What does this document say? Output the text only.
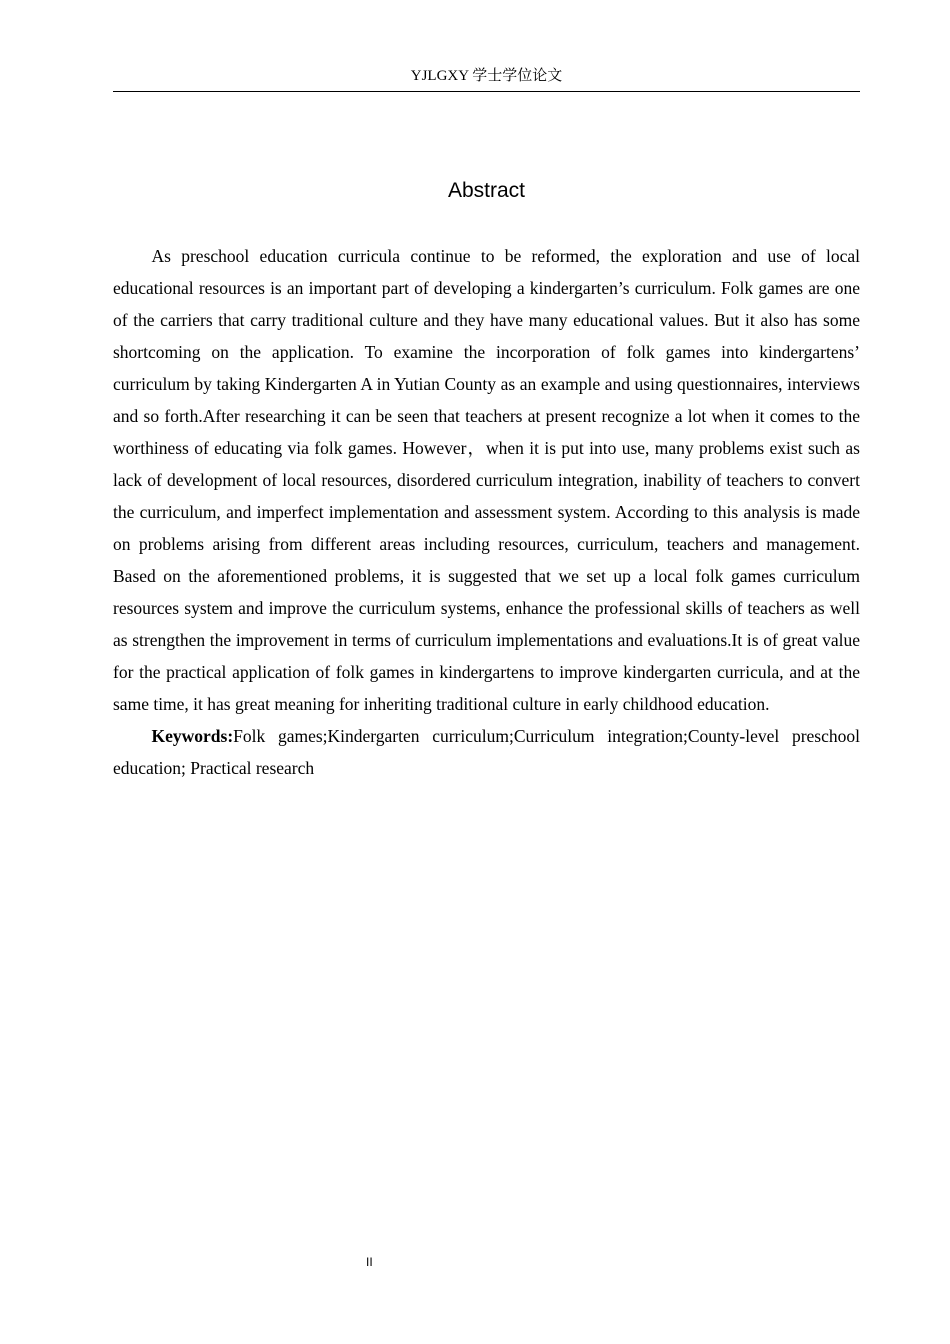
YJLGXY 学士学位论文
Abstract

As preschool education curricula continue to be reformed, the exploration and use of local educational resources is an important part of developing a kindergarten’s curriculum. Folk games are one of the carriers that carry traditional culture and they have many educational values. But it also has some shortcoming on the application. To examine the incorporation of folk games into kindergartens’ curriculum by taking Kindergarten A in Yutian County as an example and using questionnaires, interviews and so forth.After researching it can be seen that teachers at present recognize a lot when it comes to the worthiness of educating via folk games. However，when it is put into use, many problems exist such as lack of development of local resources, disordered curriculum integration, inability of teachers to convert the curriculum, and imperfect implementation and assessment system. According to this analysis is made on problems arising from different areas including resources, curriculum, teachers and management. Based on the aforementioned problems, it is suggested that we set up a local folk games curriculum resources system and improve the curriculum systems, enhance the professional skills of teachers as well as strengthen the improvement in terms of curriculum implementations and evaluations.It is of great value for the practical application of folk games in kindergartens to improve kindergarten curricula, and at the same time, it has great meaning for inheriting traditional culture in early childhood education.

Keywords:Folk games;Kindergarten curriculum;Curriculum integration;County-level preschool education; Practical research

II
